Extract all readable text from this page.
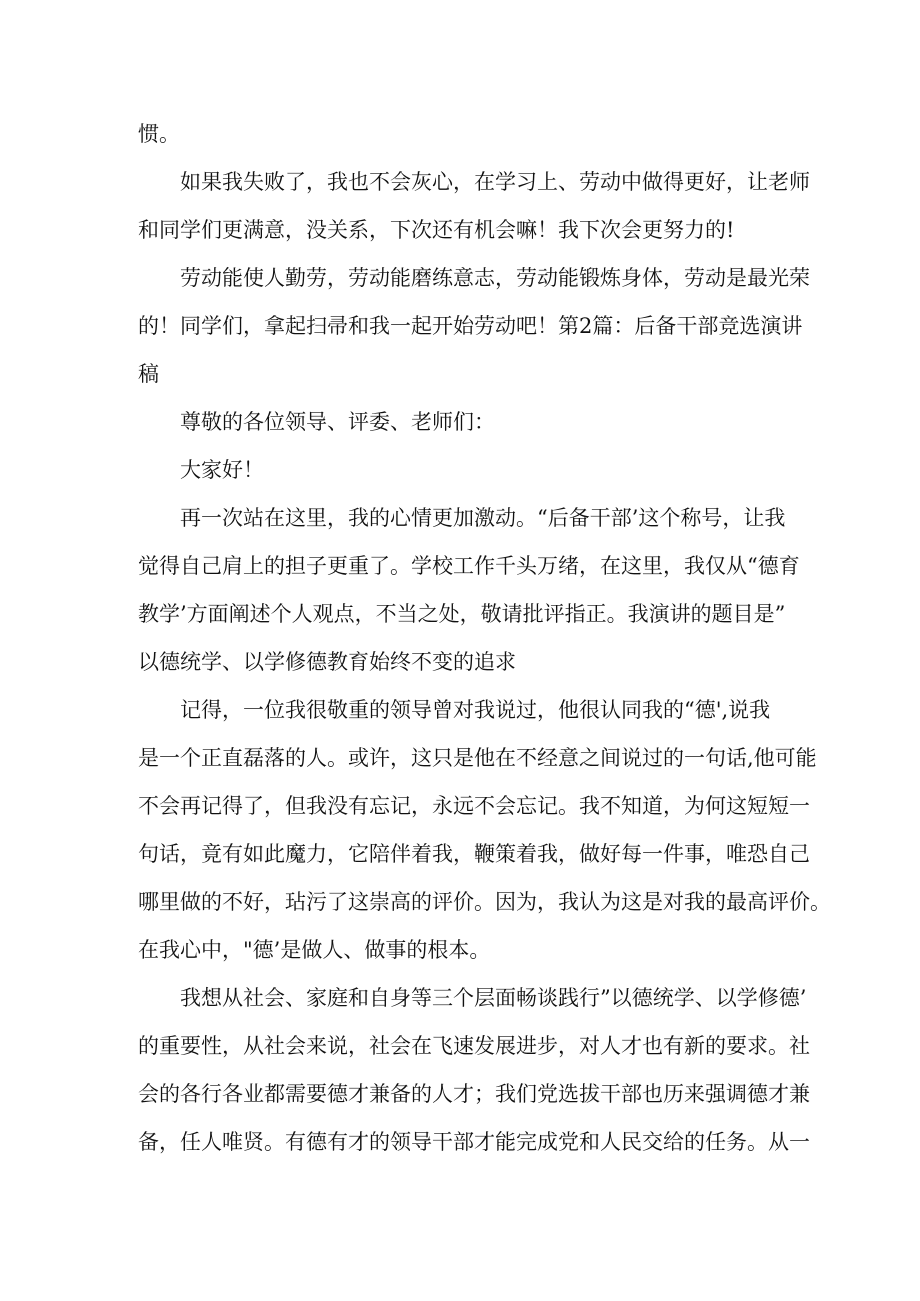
惯。
如果我失败了，我也不会灰心，在学习上、劳动中做得更好，让老师
和同学们更满意，没关系，下次还有机会嘛！我下次会更努力的!
劳动能使人勤劳，劳动能磨练意志，劳动能锻炼身体，劳动是最光荣
的！同学们，拿起扫帚和我一起开始劳动吧！第2篇：后备干部竞选演讲
稿
尊敬的各位领导、评委、老师们：
大家好！
再一次站在这里，我的心情更加激动。“后备干部’这个称号，让我
觉得自己肩上的担子更重了。学校工作千头万绪，在这里，我仅从“德育
教学’方面阐述个人观点，不当之处，敬请批评指正。我演讲的题目是”
以德统学、以学修德教育始终不变的追求
记得，一位我很敬重的领导曾对我说过，他很认同我的“德',说我
是一个正直磊落的人。或许，这只是他在不经意之间说过的一句话,他可能
不会再记得了，但我没有忘记，永远不会忘记。我不知道，为何这短短一
句话，竟有如此魔力，它陪伴着我，鞭策着我，做好每一件事，唯恐自己
哪里做的不好，玷污了这崇高的评价。因为，我认为这是对我的最高评价。
在我心中，"德’是做人、做事的根本。
我想从社会、家庭和自身等三个层面畅谈践行”以德统学、以学修德’
的重要性，从社会来说，社会在飞速发展进步，对人才也有新的要求。社
会的各行各业都需要德才兼备的人才；我们党选拔干部也历来强调德才兼
备，任人唯贤。有德有才的领导干部才能完成党和人民交给的任务。从一
